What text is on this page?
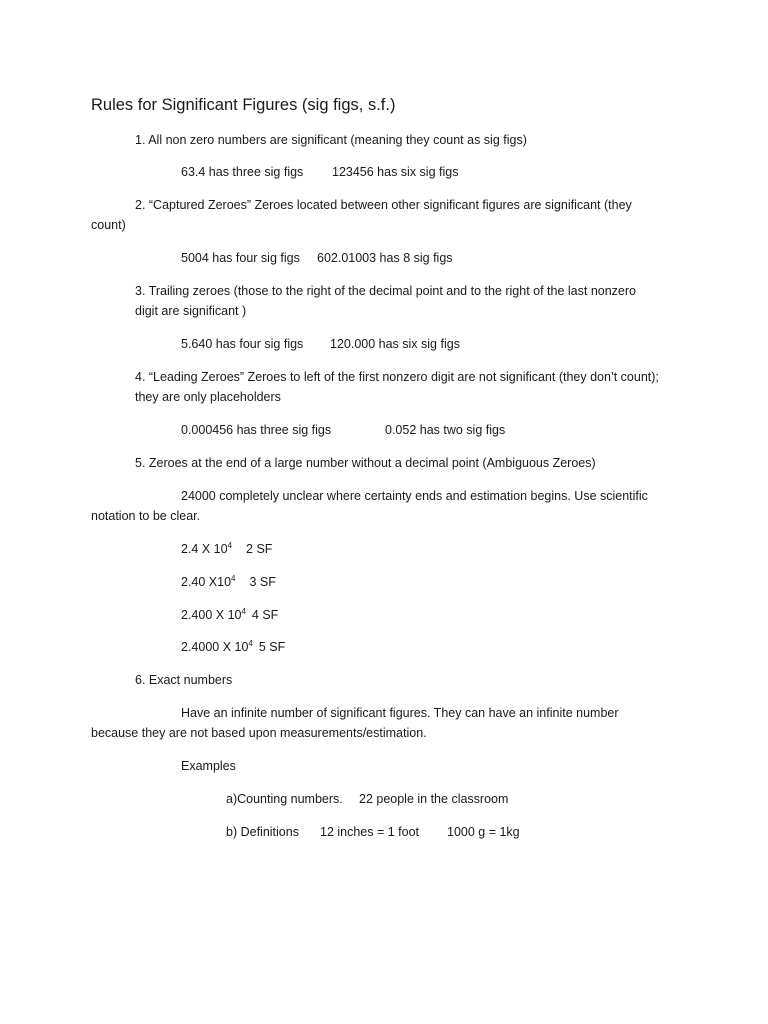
Rules for Significant Figures (sig figs, s.f.)
1. All non zero numbers are significant (meaning they count as sig figs)
63.4 has three sig figs 123456 has six sig figs
2. “Captured Zeroes” Zeroes located between other significant figures are significant (they
count)
5004 has four sig figs 602.01003 has 8 sig figs
3. Trailing zeroes (those to the right of the decimal point and to the right of the last nonzero
digit are significant )
5.640 has four sig figs 120.000 has six sig figs
4. “Leading Zeroes” Zeroes to left of the first nonzero digit are not significant (they don’t count);
they are only placeholders
0.000456 has three sig figs	0.052 has two sig figs
5. Zeroes at the end of a large number without a decimal point (Ambiguous Zeroes)
24000 completely unclear where certainty ends and estimation begins. Use scientific
notation to be clear.
2.4 X $10^4$ 2 SF
2.40 $X10^4$ 3 SF
2.400 X $10^4$ 4 SF
2.4000 X $10^4$ 5 SF
6. Exact numbers
Have an infinite number of significant figures. They can have an infinite number
because they are not based upon measurements/estimation.
Examples
a)Counting numbers. 22 people in the classroom
b) Definitions 12 inches = 1 foot 1000 g = 1kg
